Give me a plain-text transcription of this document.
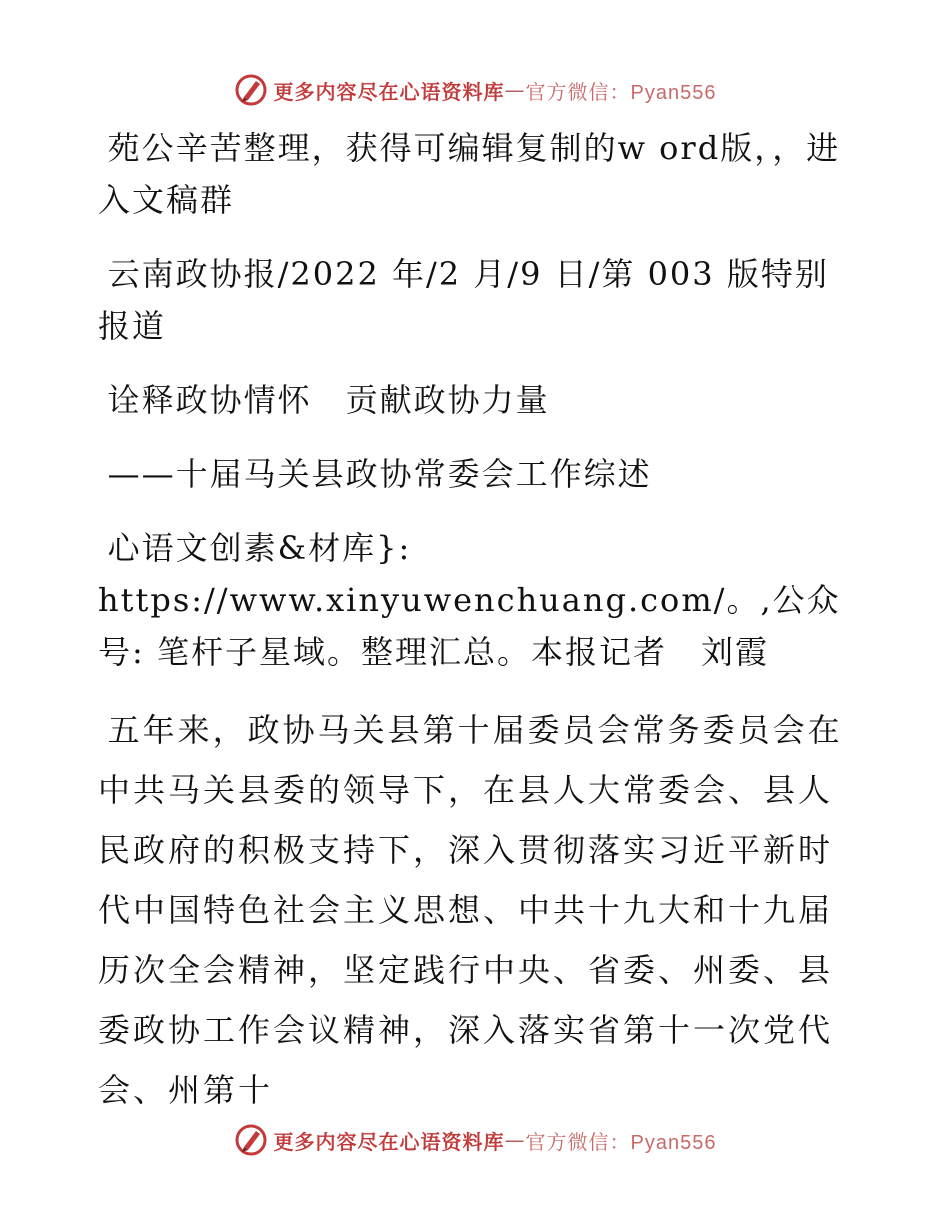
更多内容尽在心语资料库 — 官方微信：Pyan556

苑公辛苦整理，获得可编辑复制的w ord版，，进入文稿群

云南政协报/2022 年/2 月/9 日/第 003 版特别报道

诠释政协情怀　贡献政协力量

——十届马关县政协常委会工作综述

心语文创素&材库}: https://www.xinyuwenchuang.com/。,公众号: 笔杆子星域。整理汇总。本报记者　刘霞

五年来，政协马关县第十届委员会常务委员会在中共马关县委的领导下，在县人大常委会、县人民政府的积极支持下，深入贯彻落实习近平新时代中国特色社会主义思想、中共十九大和十九届历次全会精神，坚定践行中央、省委、州委、县委政协工作会议精神，深入落实省第十一次党代会、州第十

更多内容尽在心语资料库 — 官方微信：Pyan556
